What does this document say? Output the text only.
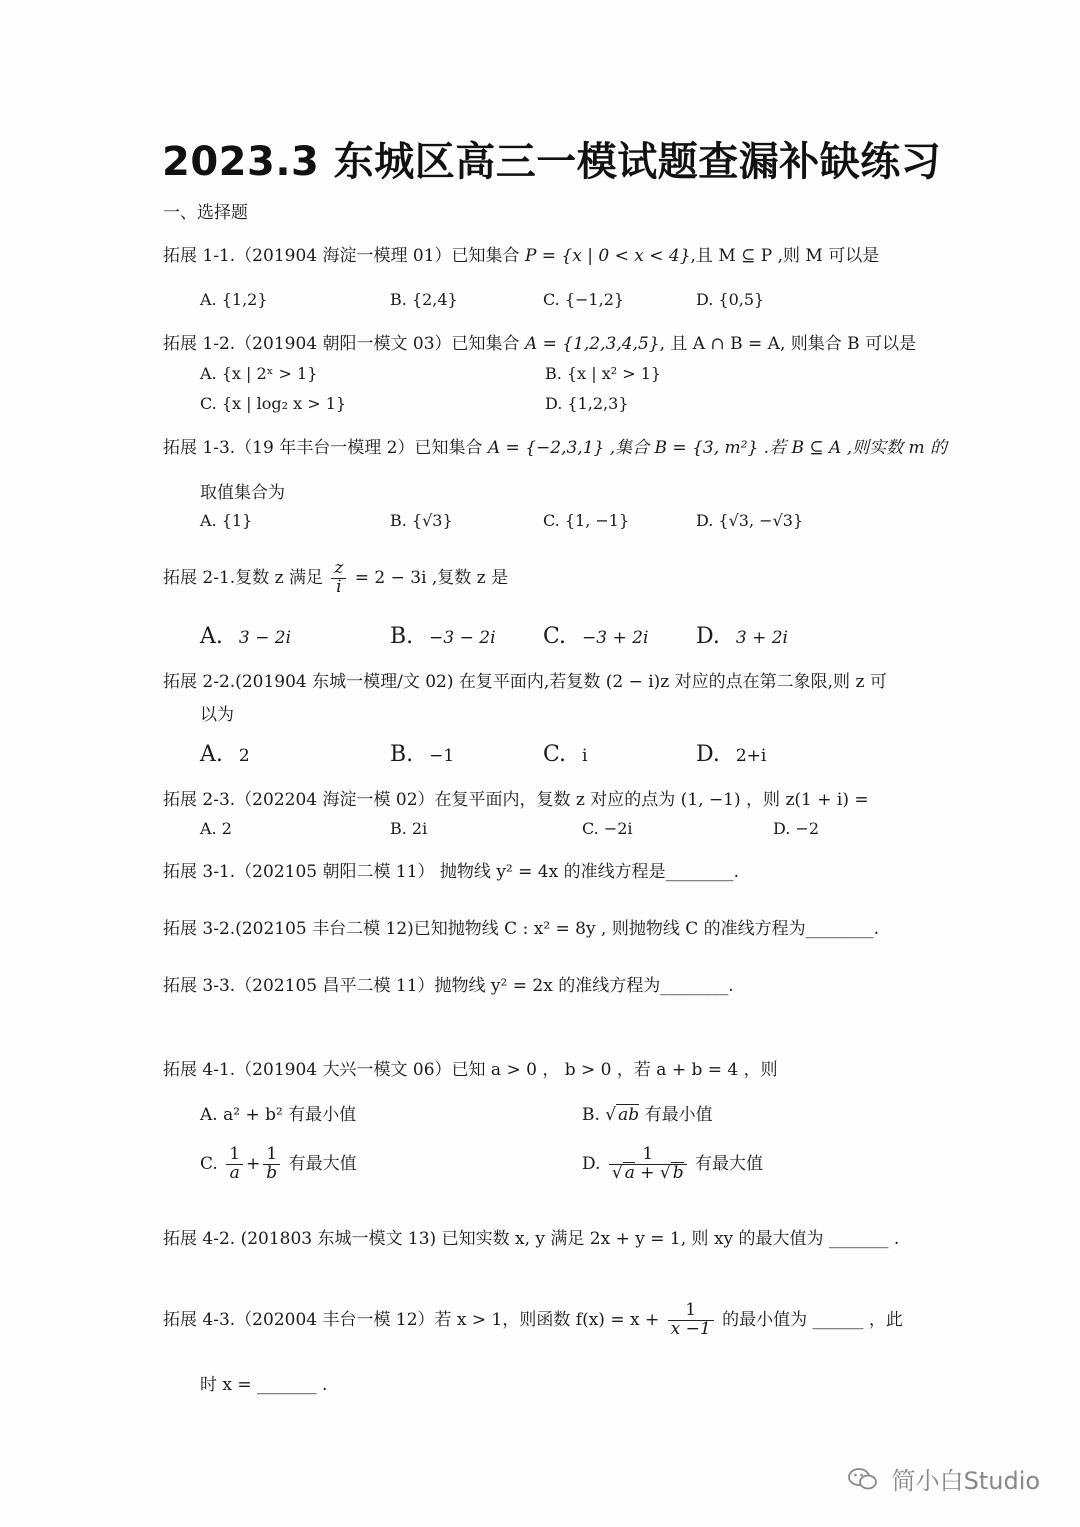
2023.3 东城区高三一模试题查漏补缺练习
一、选择题
拓展 1-1.（201904 海淀一模理 01）已知集合 P = {x | 0 < x < 4},且 M ⊆ P ,则 M 可以是
A. {1,2}	B. {2,4}	C. {−1,2}	D. {0,5}
拓展 1-2.（201904 朝阳一模文 03）已知集合 A = {1,2,3,4,5}, 且 A ∩ B = A, 则集合 B 可以是
A. {x | 2ˣ > 1}	B. {x | x² > 1}
C. {x | log₂ x > 1}	D. {1,2,3}
拓展 1-3.（19 年丰台一模理 2）已知集合 A = {−2,3,1} ,集合 B = {3, m²} .若 B ⊆ A ,则实数 m 的
取值集合为
A. {1}	B. {√3}	C. {1, −1}	D. {√3, −√3}
拓展 2-1.复数 z 满足 $\frac{z}{i} = 2 - 3i$ ,复数 z 是
A. 3 − 2i	B. −3 − 2i C. −3 + 2i D. 3 + 2i
拓展 2-2.(201904 东城一模理/文 02) 在复平面内,若复数 (2 − i)z 对应的点在第二象限,则 z 可
以为
A. 2	B. −1	C. i	D. 2+i
拓展 2-3.（202204 海淀一模 02）在复平面内，复数 z 对应的点为 (1, −1) ，则 z(1 + i) =
A. 2	B. 2i	C. −2i	D. −2
拓展 3-1.（202105 朝阳二模 11） 抛物线 y² = 4x 的准线方程是________.
拓展 3-2.(202105 丰台二模 12)已知抛物线 C : x² = 8y , 则抛物线 C 的准线方程为________.
拓展 3-3.（202105 昌平二模 11）抛物线 y² = 2x 的准线方程为________.
拓展 4-1.（201904 大兴一模文 06）已知 a > 0 ， b > 0 ，若 a + b = 4 ，则
A. a² + b² 有最小值	B. √ ab 有最小值
C. $\frac{1}{a} + \frac{1}{b}$ 有最大值	D. $\frac{1}{√ a + √ b}$ 有最大值
拓展 4-2. (201803 东城一模文 13) 已知实数 x, y 满足 2x + y = 1, 则 xy 的最大值为 _______ .
拓展 4-3.（202004 丰台一模 12）若 x > 1，则函数 $f(x) = x + \frac{1}{x -1}$ 的最小值为 ______ ，此
时 x = _______ .
简小白Studio
